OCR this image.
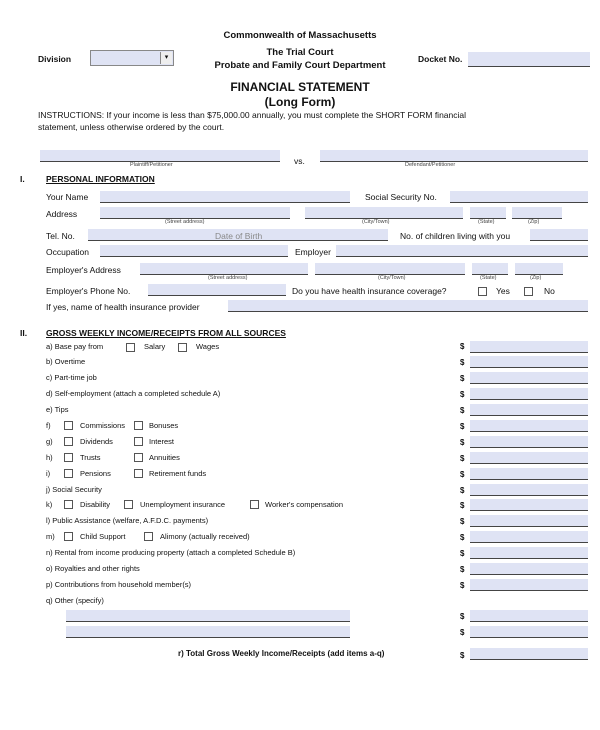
Commonwealth of Massachusetts
The Trial Court
Probate and Family Court Department
Division	▾	Docket No.
FINANCIAL STATEMENT
(Long Form)
INSTRUCTIONS: If your income is less than $75,000.00 annually, you must complete the SHORT FORM financial
statement, unless otherwise ordered by the court.
Plaintiff/Petitioner	vs.	Defendant/Petitioner
I.	PERSONAL INFORMATION
Your Name	Social Security No.
Address
(Street address)	(City/Town)	(State)	(Zip)
Tel. No.	Date of Birth	No. of children living with you
Occupation	Employer
Employer's Address
(Street address)	(City/Town)	(State)	(Zip)
Employer's Phone No.	Do you have health insurance coverage?	Yes	No
If yes, name of health insurance provider
II. GROSS WEEKLY INCOME/RECEIPTS FROM ALL SOURCES
a) Base pay from	Salary	Wages	$
b) Overtime	$
c) Part-time job	$
d) Self-employment (attach a completed schedule A)	$
e) Tips	$
f)	Commissions	Bonuses	$
g)	Dividends	Interest	$
h)	Trusts	Annuities	$
i)	Pensions	Retirement funds	$
j) Social Security	$
k)	Disability	Unemployment insurance	Worker's compensation	$
l) Public Assistance (welfare, A.F.D.C. payments)	$
m)	Child Support	Alimony (actually received)	$
n) Rental from income producing property (attach a completed Schedule B)	$
o) Royalties and other rights	$
p) Contributions from household member(s)	$
q) Other (specify)
$
$
r) Total Gross Weekly Income/Receipts (add items a-q)	$
